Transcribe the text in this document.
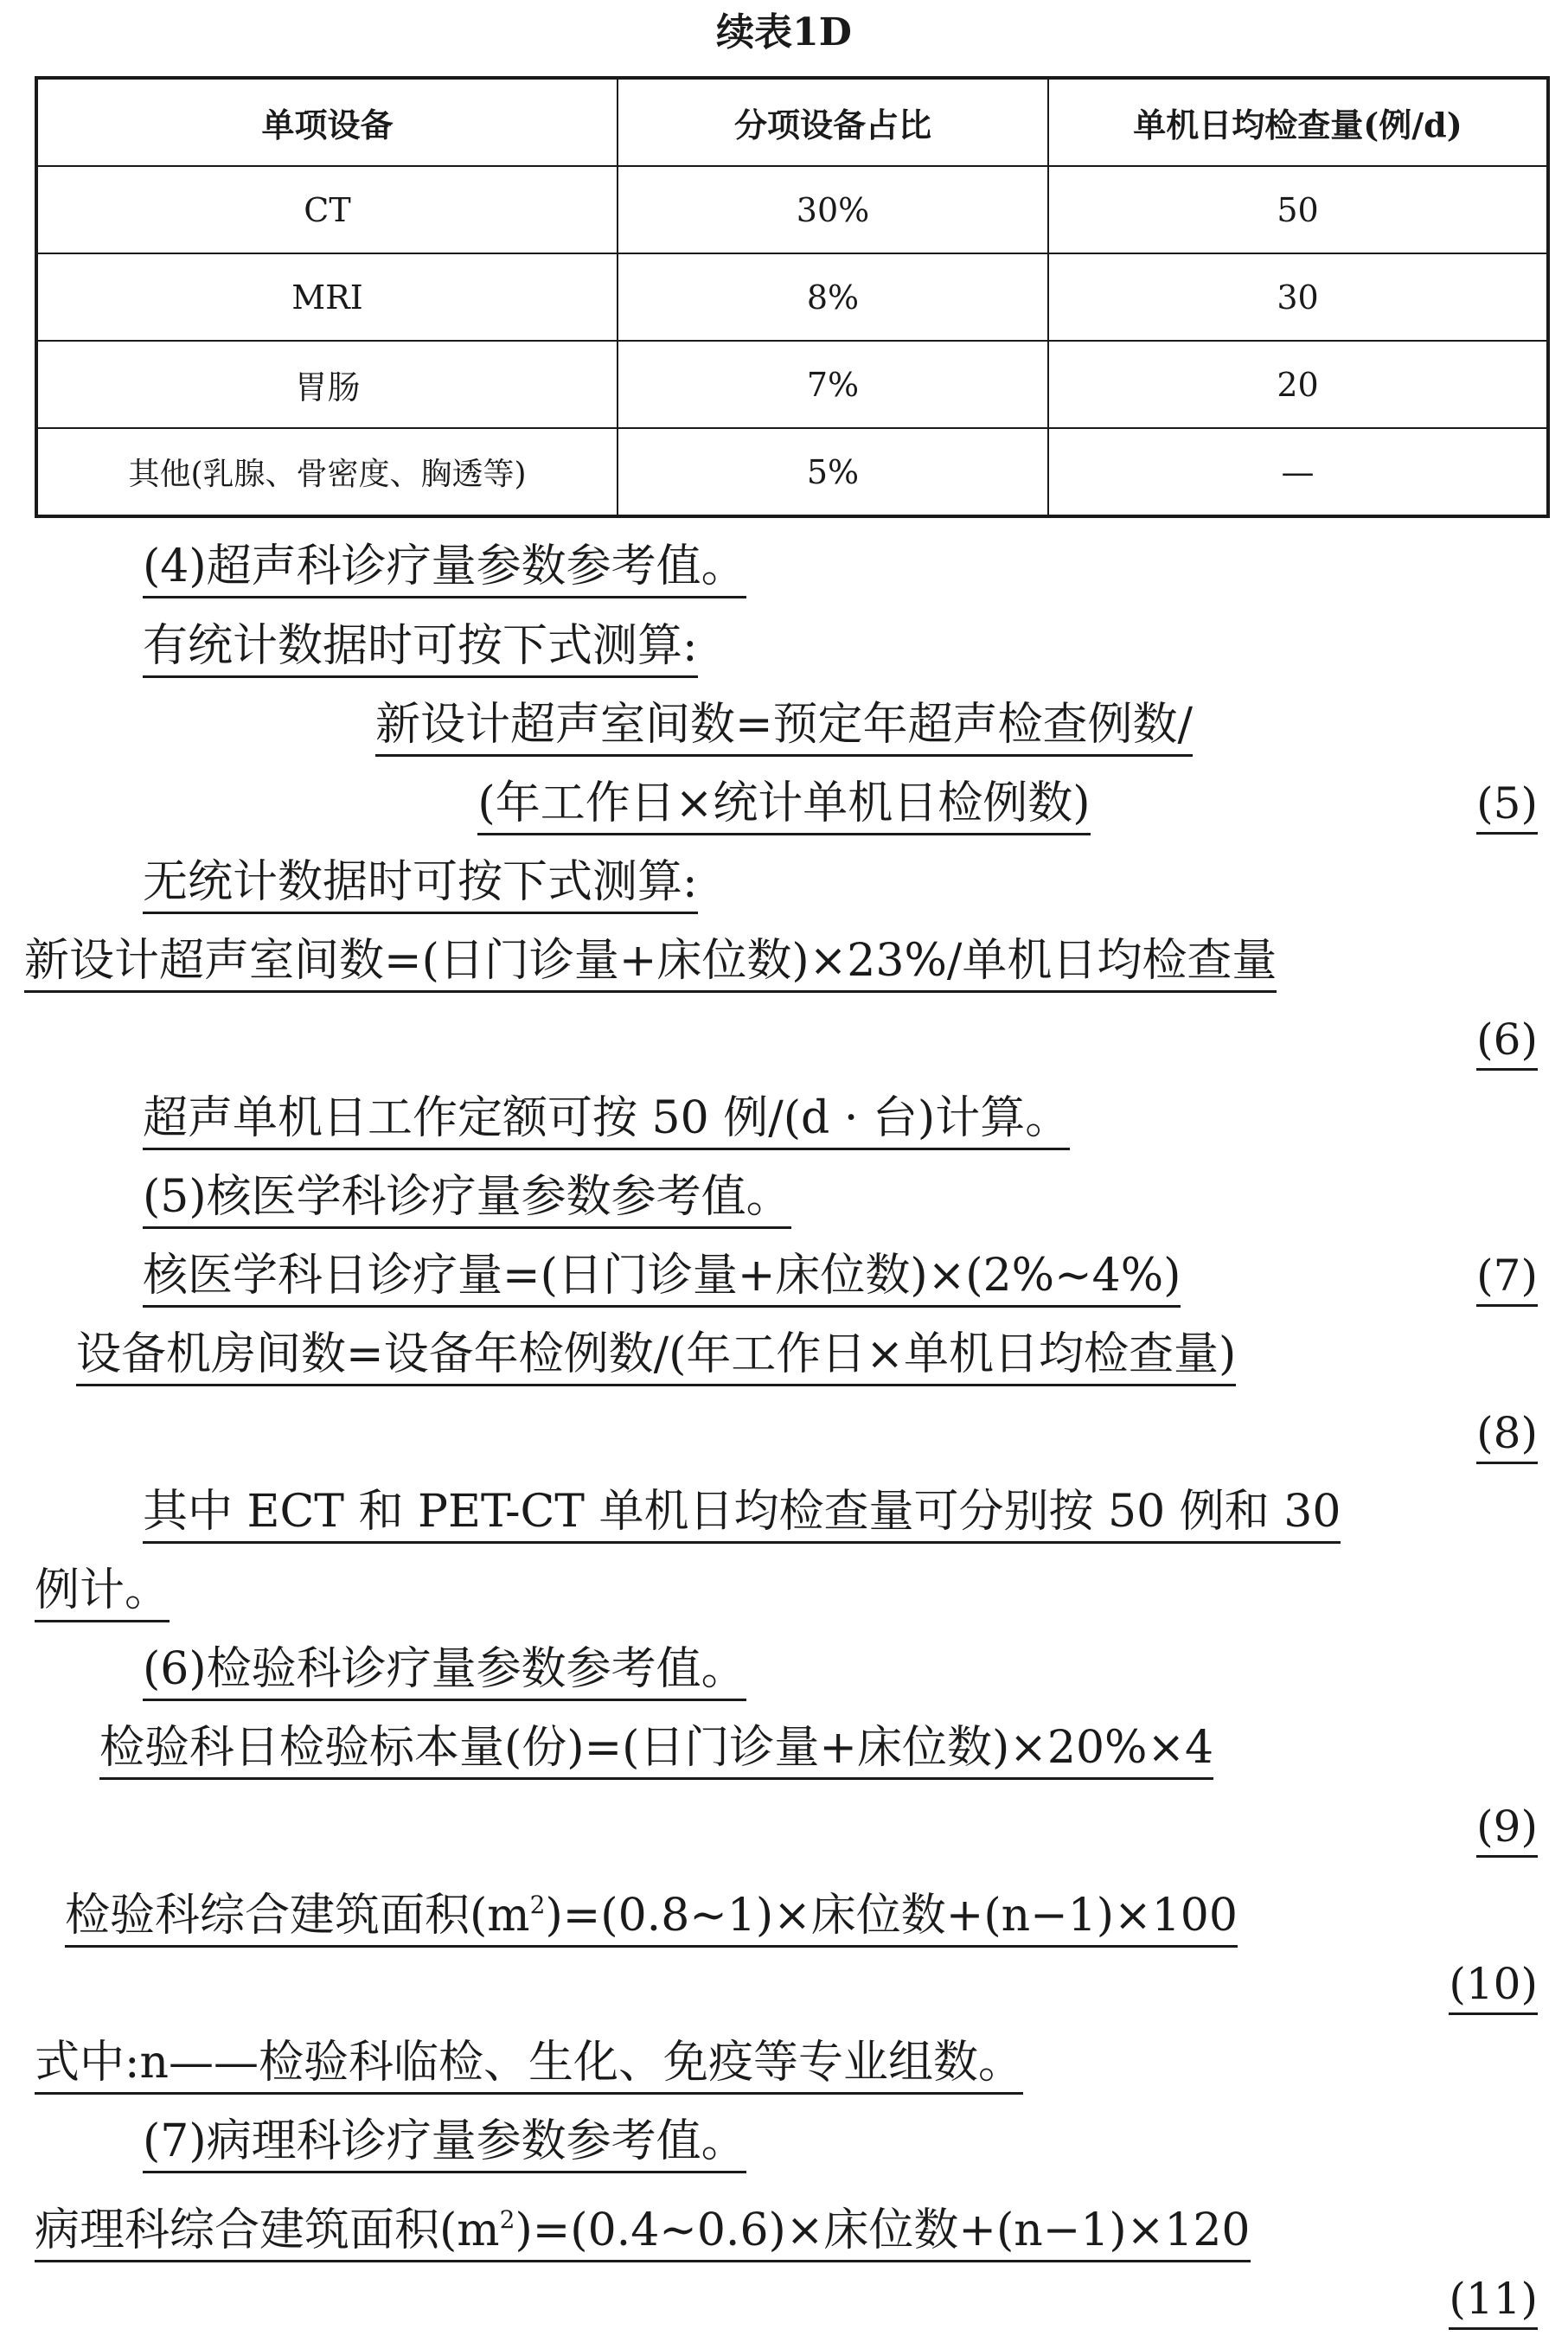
续表1D
单项设备	分项设备占比	单机日均检查量(例/d)
CT	30%	50
MRI	8%	30
胃肠	7%	20
其他(乳腺、骨密度、胸透等)	5%	—
(4)超声科诊疗量参数参考值。
有统计数据时可按下式测算:
新设计超声室间数=预定年超声检查例数/
(年工作日×统计单机日检例数)	(5)
无统计数据时可按下式测算:
新设计超声室间数=(日门诊量+床位数)×23%/单机日均检查量
(6)
超声单机日工作定额可按 50 例/(d · 台)计算。
(5)核医学科诊疗量参数参考值。
核医学科日诊疗量=(日门诊量+床位数)×(2%~4%)	(7)
设备机房间数=设备年检例数/(年工作日×单机日均检查量)
(8)
其中 ECT 和 PET-CT 单机日均检查量可分别按 50 例和 30
例计。
(6)检验科诊疗量参数参考值。
检验科日检验标本量(份)=(日门诊量+床位数)×20%×4
(9)
检验科综合建筑面积$(m^2)=(0.8\sim 1)\times$床位数+(n−1)×100
(10)
式中:n——检验科临检、生化、免疫等专业组数。
(7)病理科诊疗量参数参考值。
病理科综合建筑面积$(m^2)=(0.4\sim 0.6)\times$床位数+(n−1)×120
(11)
